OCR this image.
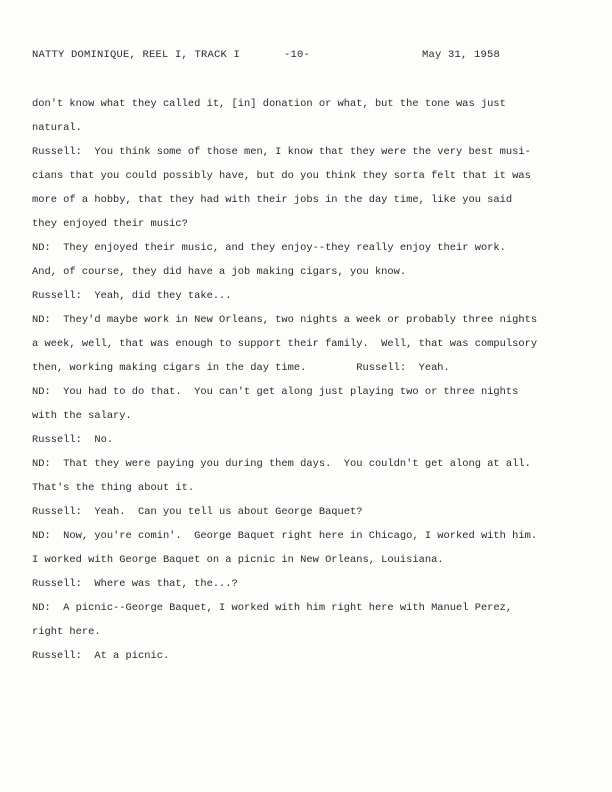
NATTY DOMINIQUE, REEL I, TRACK I	-10-	May 31, 1958
don't know what they called it, [in] donation or what, but the tone was just
natural.
Russell:  You think some of those men, I know that they were the very best musi-
cians that you could possibly have, but do you think they sorta felt that it was
more of a hobby, that they had with their jobs in the day time, like you said
they enjoyed their music?
ND:  They enjoyed their music, and they enjoy--they really enjoy their work.
And, of course, they did have a job making cigars, you know.
Russell:  Yeah, did they take...
ND:  They'd maybe work in New Orleans, two nights a week or probably three nights
a week, well, that was enough to support their family.  Well, that was compulsory
then, working making cigars in the day time.        Russell:  Yeah.
ND:  You had to do that.  You can't get along just playing two or three nights
with the salary.
Russell:  No.
ND:  That they were paying you during them days.  You couldn't get along at all.
That's the thing about it.
Russell:  Yeah.  Can you tell us about George Baquet?
ND:  Now, you're comin'.  George Baquet right here in Chicago, I worked with him.
I worked with George Baquet on a picnic in New Orleans, Louisiana.
Russell:  Where was that, the...?
ND:  A picnic--George Baquet, I worked with him right here with Manuel Perez,
right here.
Russell:  At a picnic.
